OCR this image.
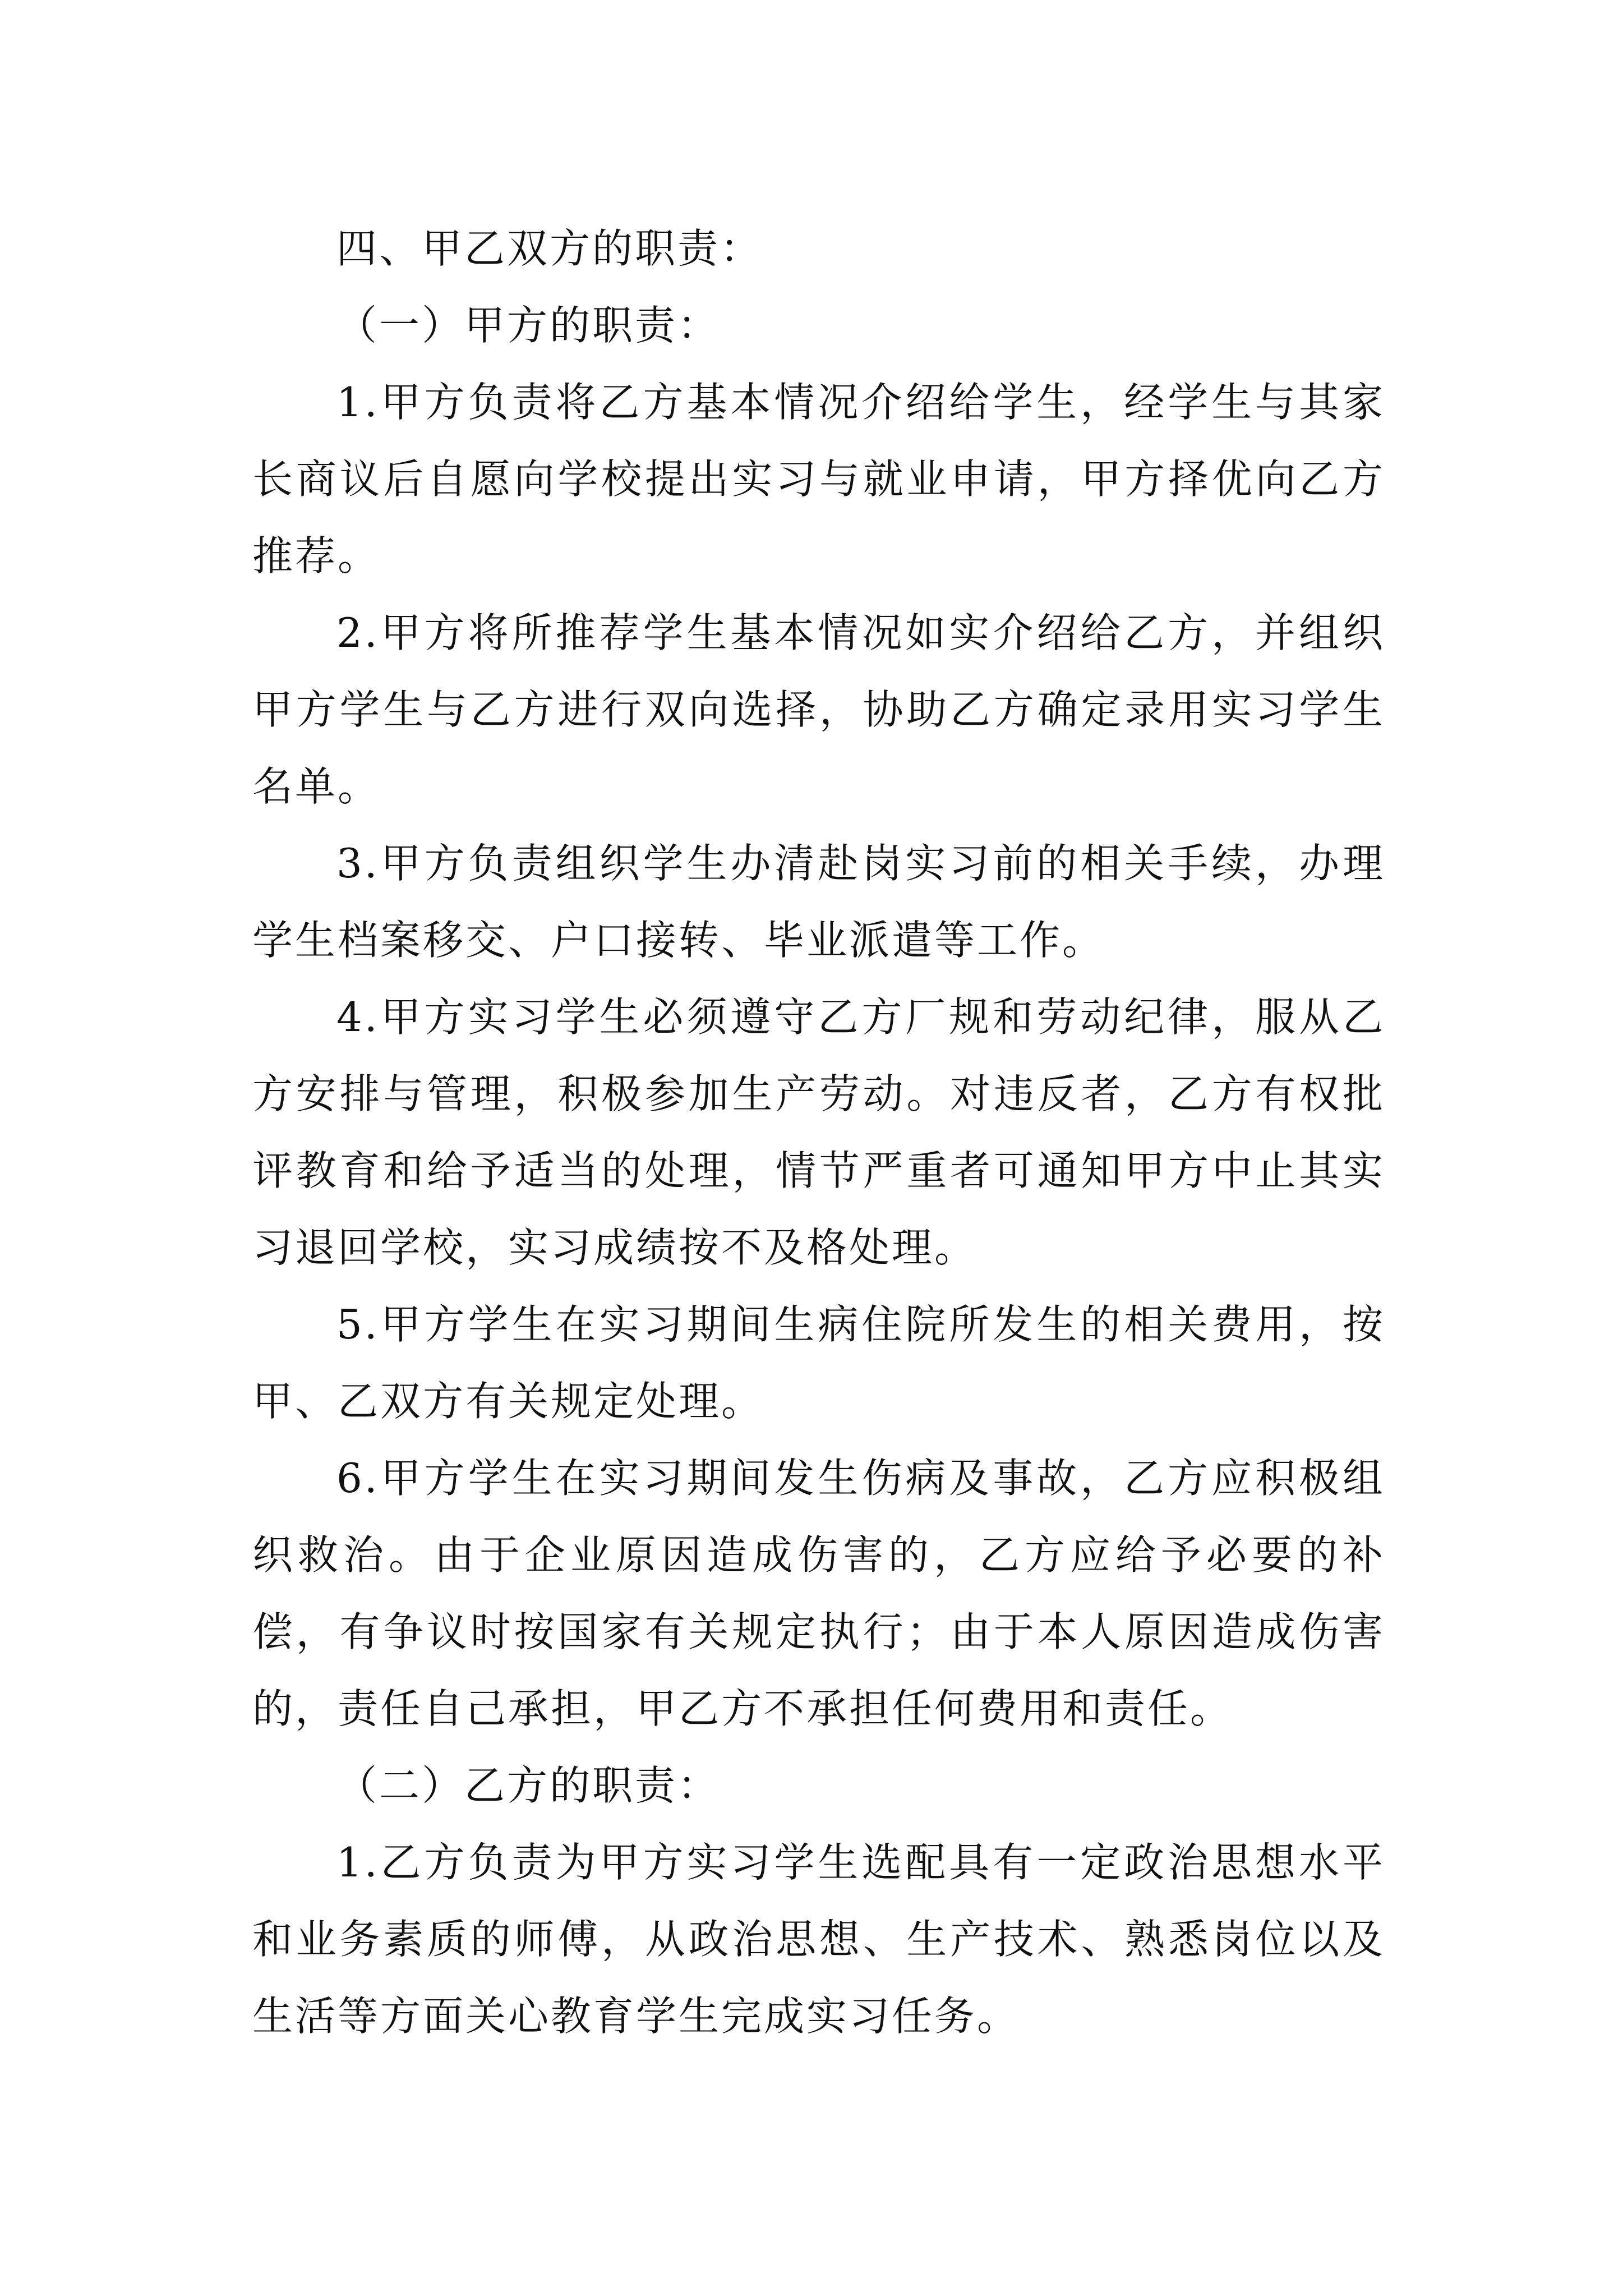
四、甲乙双方的职责：

（一）甲方的职责：

1.甲方负责将乙方基本情况介绍给学生，经学生与其家长商议后自愿向学校提出实习与就业申请，甲方择优向乙方推荐。

2.甲方将所推荐学生基本情况如实介绍给乙方，并组织甲方学生与乙方进行双向选择，协助乙方确定录用实习学生名单。

3.甲方负责组织学生办清赴岗实习前的相关手续，办理学生档案移交、户口接转、毕业派遣等工作。

4.甲方实习学生必须遵守乙方厂规和劳动纪律，服从乙方安排与管理，积极参加生产劳动。对违反者，乙方有权批评教育和给予适当的处理，情节严重者可通知甲方中止其实习退回学校，实习成绩按不及格处理。

5.甲方学生在实习期间生病住院所发生的相关费用，按甲、乙双方有关规定处理。

6.甲方学生在实习期间发生伤病及事故，乙方应积极组织救治。由于企业原因造成伤害的，乙方应给予必要的补偿，有争议时按国家有关规定执行；由于本人原因造成伤害的，责任自己承担，甲乙方不承担任何费用和责任。

（二）乙方的职责：

1.乙方负责为甲方实习学生选配具有一定政治思想水平和业务素质的师傅，从政治思想、生产技术、熟悉岗位以及生活等方面关心教育学生完成实习任务。
